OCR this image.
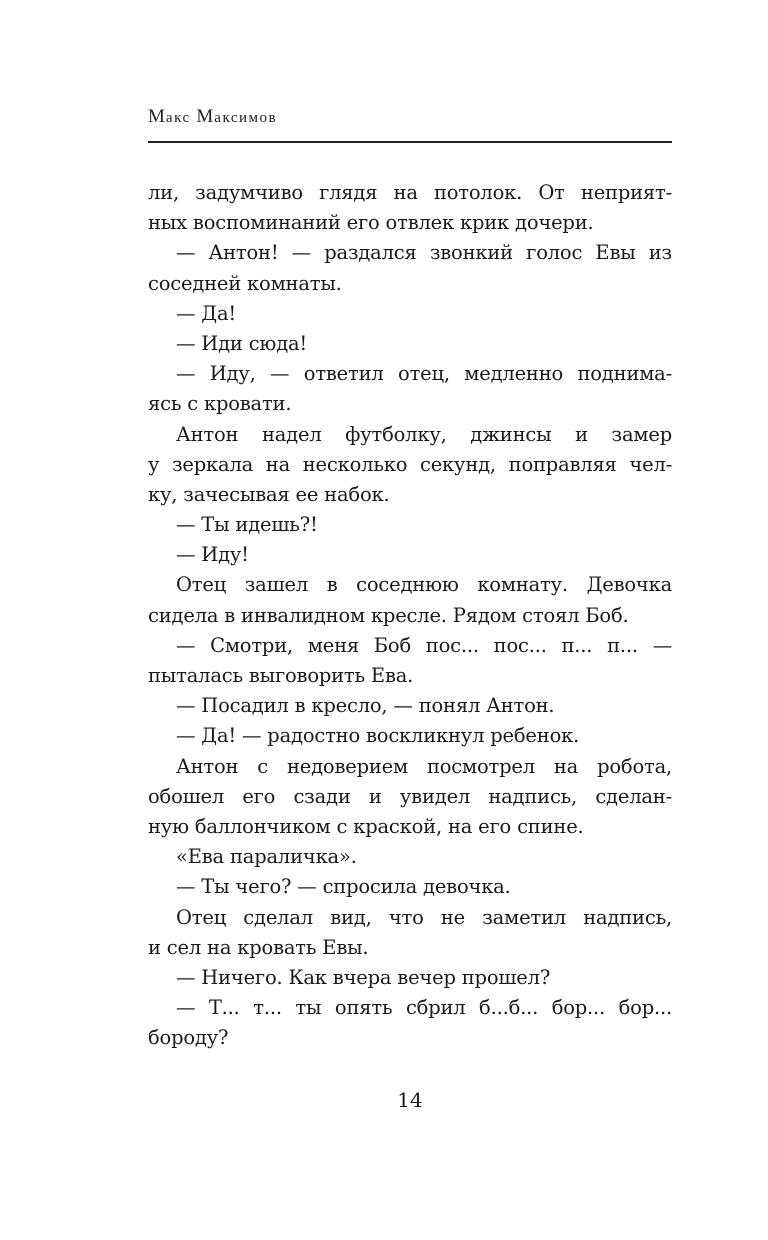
Макс Максимов
ли, задумчиво глядя на потолок. От неприят-
ных воспоминаний его отвлек крик дочери.
— Антон! — раздался звонкий голос Евы из
соседней комнаты.
— Да!
— Иди сюда!
— Иду, — ответил отец, медленно поднима-
ясь с кровати.
Антон надел футболку, джинсы и замер
у зеркала на несколько секунд, поправляя чел-
ку, зачесывая ее набок.
— Ты идешь?!
— Иду!
Отец зашел в соседнюю комнату. Девочка
сидела в инвалидном кресле. Рядом стоял Боб.
— Смотри, меня Боб пос... пос... п... п... —
пыталась выговорить Ева.
— Посадил в кресло, — понял Антон.
— Да! — радостно воскликнул ребенок.
Антон с недоверием посмотрел на робота,
обошел его сзади и увидел надпись, сделан-
ную баллончиком с краской, на его спине.
«Ева параличка».
— Ты чего? — спросила девочка.
Отец сделал вид, что не заметил надпись,
и сел на кровать Евы.
— Ничего. Как вчера вечер прошел?
— Т... т... ты опять сбрил б...б... бор... бор...
бороду?
14
